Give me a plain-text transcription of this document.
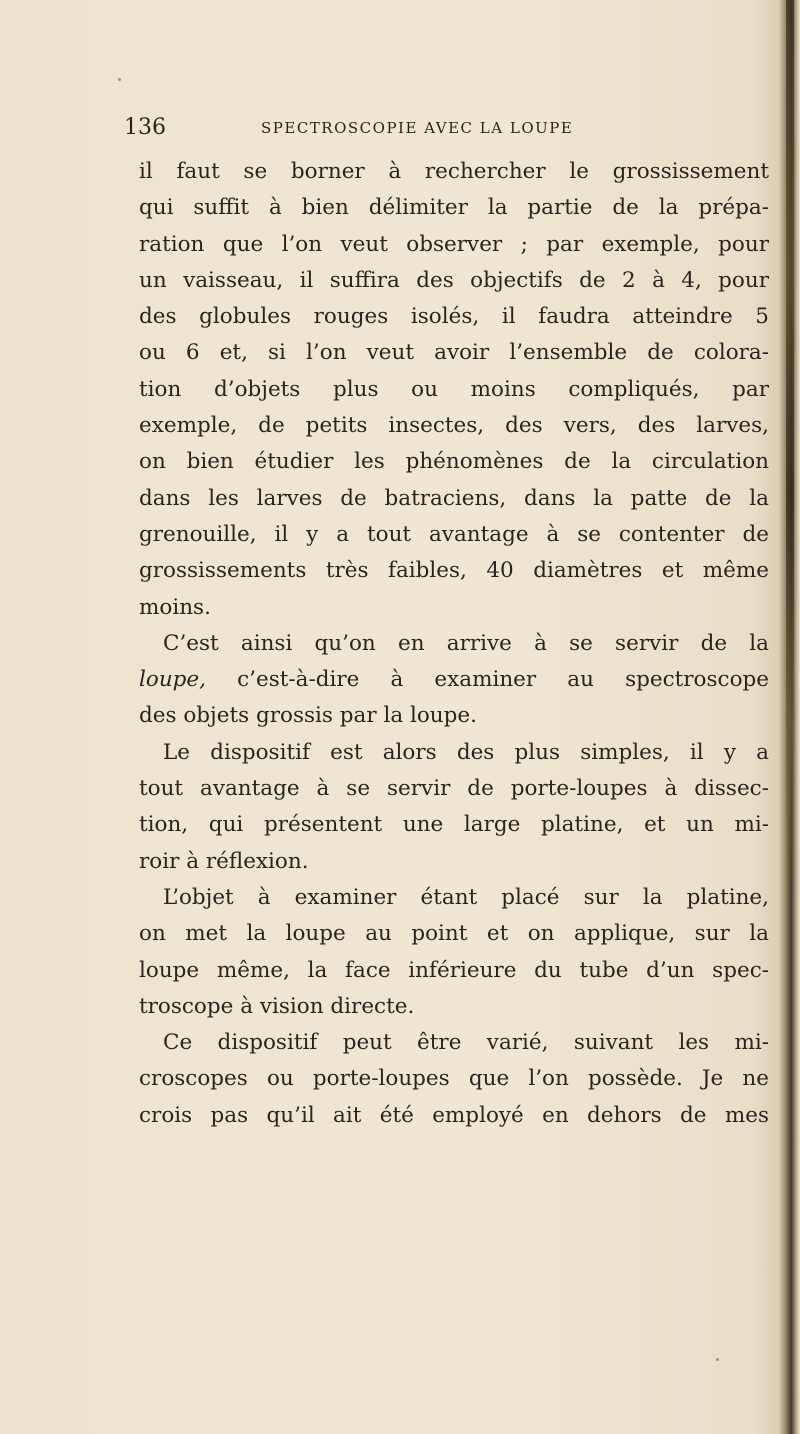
136	SPECTROSCOPIE AVEC LA LOUPE
il faut se borner à rechercher le grossissement
qui suffit à bien délimiter la partie de la prépa-
ration que l’on veut observer ; par exemple, pour
un vaisseau, il suffira des objectifs de 2 à 4, pour
des globules rouges isolés, il faudra atteindre 5
ou 6 et, si l’on veut avoir l’ensemble de colora-
tion d’objets plus ou moins compliqués, par
exemple, de petits insectes, des vers, des larves,
on bien étudier les phénomènes de la circulation
dans les larves de batraciens, dans la patte de la
grenouille, il y a tout avantage à se contenter de
grossissements très faibles, 40 diamètres et même
moins.
C’est ainsi qu’on en arrive à se servir de la
loupe, c’est-à-dire à examiner au spectroscope
des objets grossis par la loupe.
Le dispositif est alors des plus simples, il y a
tout avantage à se servir de porte-loupes à dissec-
tion, qui présentent une large platine, et un mi-
roir à réflexion.
L’objet à examiner étant placé sur la platine,
on met la loupe au point et on applique, sur la
loupe même, la face inférieure du tube d’un spec-
troscope à vision directe.
Ce dispositif peut être varié, suivant les mi-
croscopes ou porte-loupes que l’on possède. Je ne
crois pas qu’il ait été employé en dehors de mes
